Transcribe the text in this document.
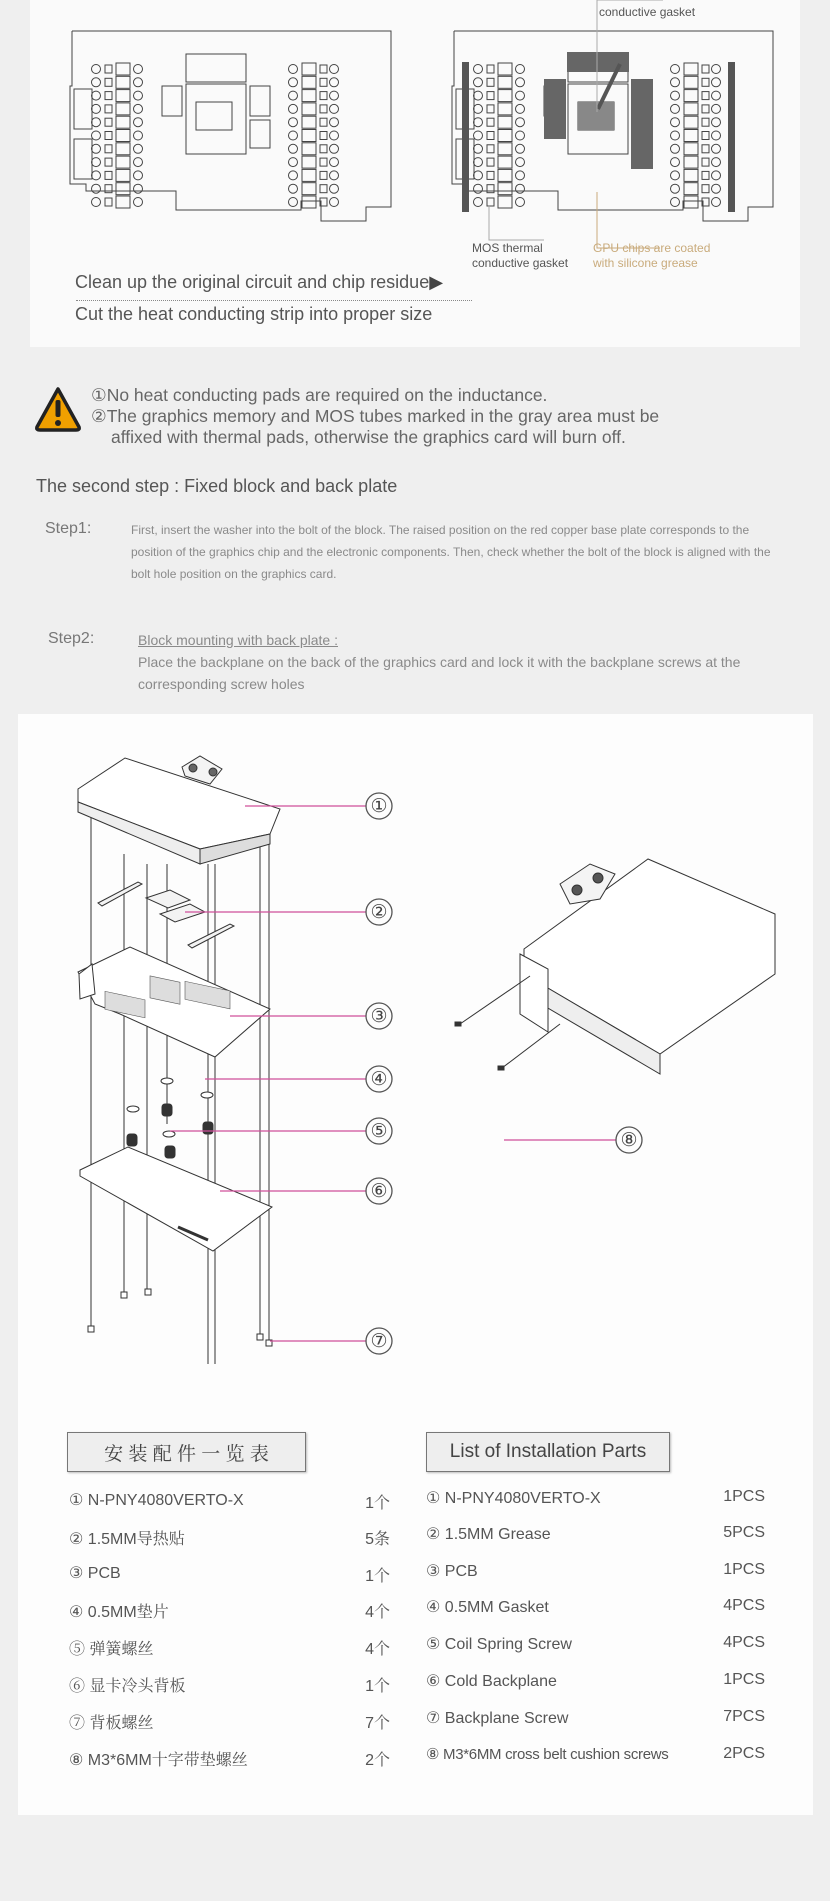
conductive gasket
MOS thermal
conductive gasket
GPU chips are coated
with silicone grease
Clean up the original circuit and chip residue▶
Cut the heat conducting strip into proper size
①No heat conducting pads are required on the inductance.
②The graphics memory and MOS tubes marked in the gray area must be
affixed with thermal pads, otherwise the graphics card will burn off.
The second step : Fixed block and back plate
Step1:	First, insert the washer into the bolt of the block. The raised position on the red copper base plate corresponds to the position of the graphics chip and the electronic components. Then, check whether the bolt of the block is aligned with the bolt hole position on the graphics card.
Step2:	Block mounting with back plate :
Place the backplane on the back of the graphics card and lock it with the backplane screws at the corresponding screw holes
①
②
③
④
⑤
⑥
⑦
⑧
安 装 配 件 一 览 表	List of Installation Parts
① N-PNY4080VERTO-X	1个
② 1.5MM导热贴	5条
③ PCB	1个
④ 0.5MM垫片	4个
⑤ 弹簧螺丝	4个
⑥ 显卡冷头背板	1个
⑦ 背板螺丝	7个
⑧ M3*6MM十字带垫螺丝	2个
① N-PNY4080VERTO-X	1PCS
② 1.5MM Grease	5PCS
③ PCB	1PCS
④ 0.5MM Gasket	4PCS
⑤ Coil Spring Screw	4PCS
⑥ Cold Backplane	1PCS
⑦ Backplane Screw	7PCS
⑧ M3*6MM cross belt cushion screws	2PCS
